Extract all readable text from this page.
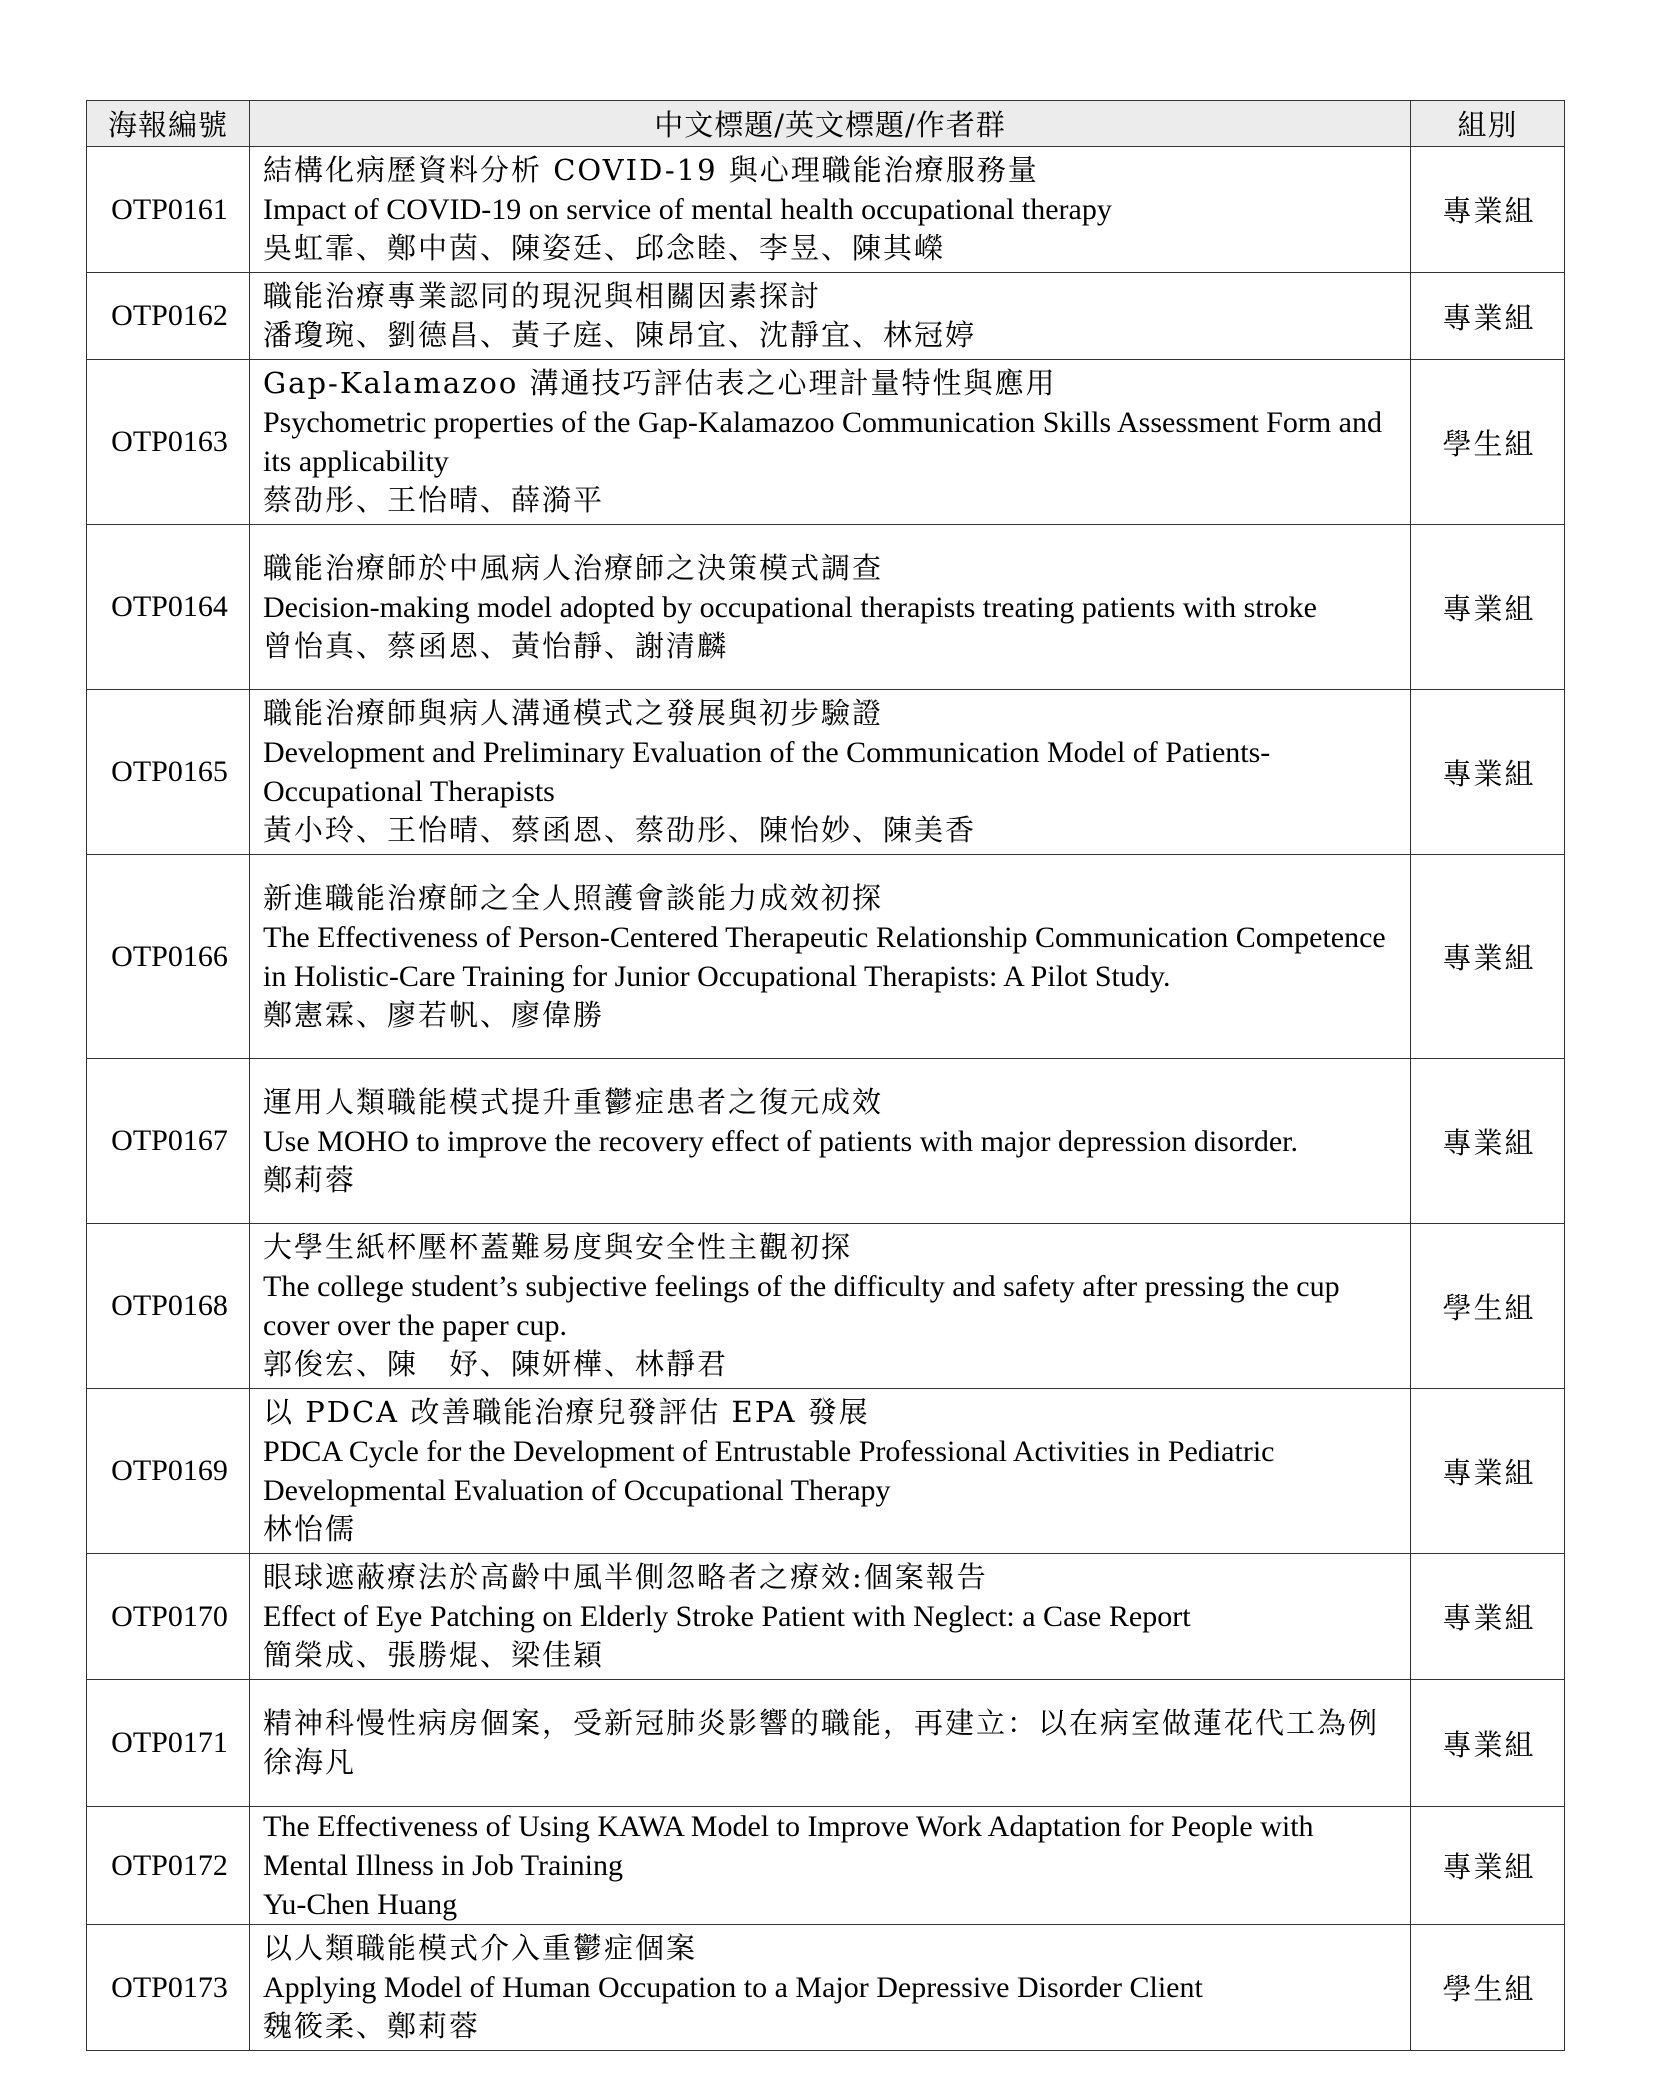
海報編號	中文標題/英文標題/作者群	組別
OTP0161	結構化病歷資料分析 COVID-19 與心理職能治療服務量
Impact of COVID-19 on service of mental health occupational therapy
吳虹霏、鄭中茵、陳姿廷、邱念睦、李昱、陳其嶸	專業組
OTP0162	職能治療專業認同的現況與相關因素探討
潘瓊琬、劉德昌、黃子庭、陳昂宜、沈靜宜、林冠婷	專業組
OTP0163	Gap-Kalamazoo 溝通技巧評估表之心理計量特性與應用
Psychometric properties of the Gap-Kalamazoo Communication Skills Assessment Form and its applicability
蔡劭彤、王怡晴、薛漪平	學生組
OTP0164	職能治療師於中風病人治療師之決策模式調查
Decision-making model adopted by occupational therapists treating patients with stroke
曾怡真、蔡函恩、黃怡靜、謝清麟	專業組
OTP0165	職能治療師與病人溝通模式之發展與初步驗證
Development and Preliminary Evaluation of the Communication Model of Patients-Occupational Therapists
黃小玲、王怡晴、蔡函恩、蔡劭彤、陳怡妙、陳美香	專業組
OTP0166	新進職能治療師之全人照護會談能力成效初探
The Effectiveness of Person-Centered Therapeutic Relationship Communication Competence in Holistic-Care Training for Junior Occupational Therapists: A Pilot Study.
鄭憲霖、廖若帆、廖偉勝	專業組
OTP0167	運用人類職能模式提升重鬱症患者之復元成效
Use MOHO to improve the recovery effect of patients with major depression disorder.
鄭莉蓉	專業組
OTP0168	大學生紙杯壓杯蓋難易度與安全性主觀初探
The college student’s subjective feelings of the difficulty and safety after pressing the cup cover over the paper cup.
郭俊宏、陳　妤、陳妍樺、林靜君	學生組
OTP0169	以 PDCA 改善職能治療兒發評估 EPA 發展
PDCA Cycle for the Development of Entrustable Professional Activities in Pediatric Developmental Evaluation of Occupational Therapy
林怡儒	專業組
OTP0170	眼球遮蔽療法於高齡中風半側忽略者之療效:個案報告
Effect of Eye Patching on Elderly Stroke Patient with Neglect: a Case Report
簡榮成、張勝焜、梁佳穎	專業組
OTP0171	精神科慢性病房個案，受新冠肺炎影響的職能，再建立：以在病室做蓮花代工為例
徐海凡	專業組
OTP0172	The Effectiveness of Using KAWA Model to Improve Work Adaptation for People with Mental Illness in Job Training
Yu-Chen Huang	專業組
OTP0173	以人類職能模式介入重鬱症個案
Applying Model of Human Occupation to a Major Depressive Disorder Client
魏筱柔、鄭莉蓉	學生組
